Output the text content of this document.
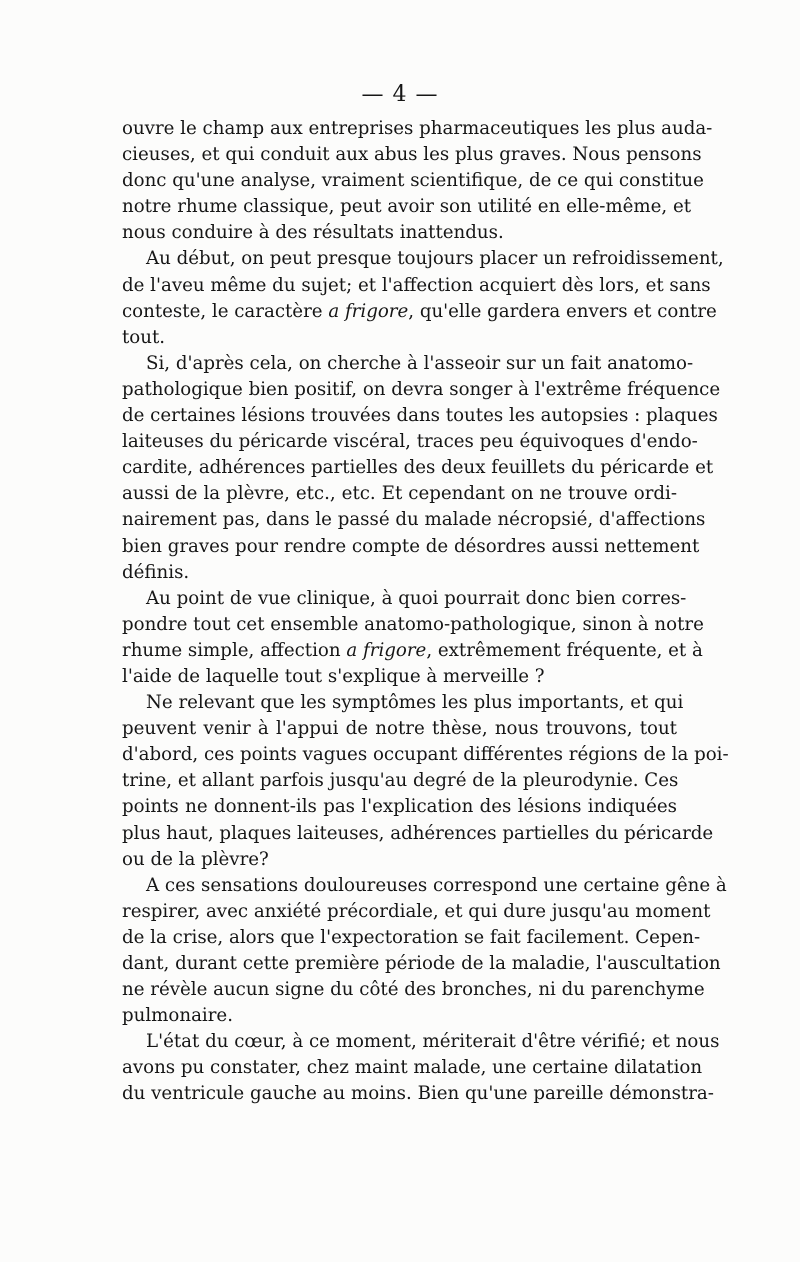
— 4 —
ouvre le champ aux entreprises pharmaceutiques les plus auda-
cieuses, et qui conduit aux abus les plus graves. Nous pensons
donc qu'une analyse, vraiment scientifique, de ce qui constitue
notre rhume classique, peut avoir son utilité en elle-même, et
nous conduire à des résultats inattendus.
Au début, on peut presque toujours placer un refroidissement,
de l'aveu même du sujet; et l'affection acquiert dès lors, et sans
conteste, le caractère a frigore, qu'elle gardera envers et contre
tout.
Si, d'après cela, on cherche à l'asseoir sur un fait anatomo-
pathologique bien positif, on devra songer à l'extrême fréquence
de certaines lésions trouvées dans toutes les autopsies : plaques
laiteuses du péricarde viscéral, traces peu équivoques d'endo-
cardite, adhérences partielles des deux feuillets du péricarde et
aussi de la plèvre, etc., etc. Et cependant on ne trouve ordi-
nairement pas, dans le passé du malade nécropsié, d'affections
bien graves pour rendre compte de désordres aussi nettement
définis.
Au point de vue clinique, à quoi pourrait donc bien corres-
pondre tout cet ensemble anatomo-pathologique, sinon à notre
rhume simple, affection a frigore, extrêmement fréquente, et à
l'aide de laquelle tout s'explique à merveille ?
Ne relevant que les symptômes les plus importants, et qui
peuvent venir à l'appui de notre thèse, nous trouvons, tout
d'abord, ces points vagues occupant différentes régions de la poi-
trine, et allant parfois jusqu'au degré de la pleurodynie. Ces
points ne donnent-ils pas l'explication des lésions indiquées
plus haut, plaques laiteuses, adhérences partielles du péricarde
ou de la plèvre?
A ces sensations douloureuses correspond une certaine gêne à
respirer, avec anxiété précordiale, et qui dure jusqu'au moment
de la crise, alors que l'expectoration se fait facilement. Cepen-
dant, durant cette première période de la maladie, l'auscultation
ne révèle aucun signe du côté des bronches, ni du parenchyme
pulmonaire.
L'état du cœur, à ce moment, mériterait d'être vérifié; et nous
avons pu constater, chez maint malade, une certaine dilatation
du ventricule gauche au moins. Bien qu'une pareille démonstra-
